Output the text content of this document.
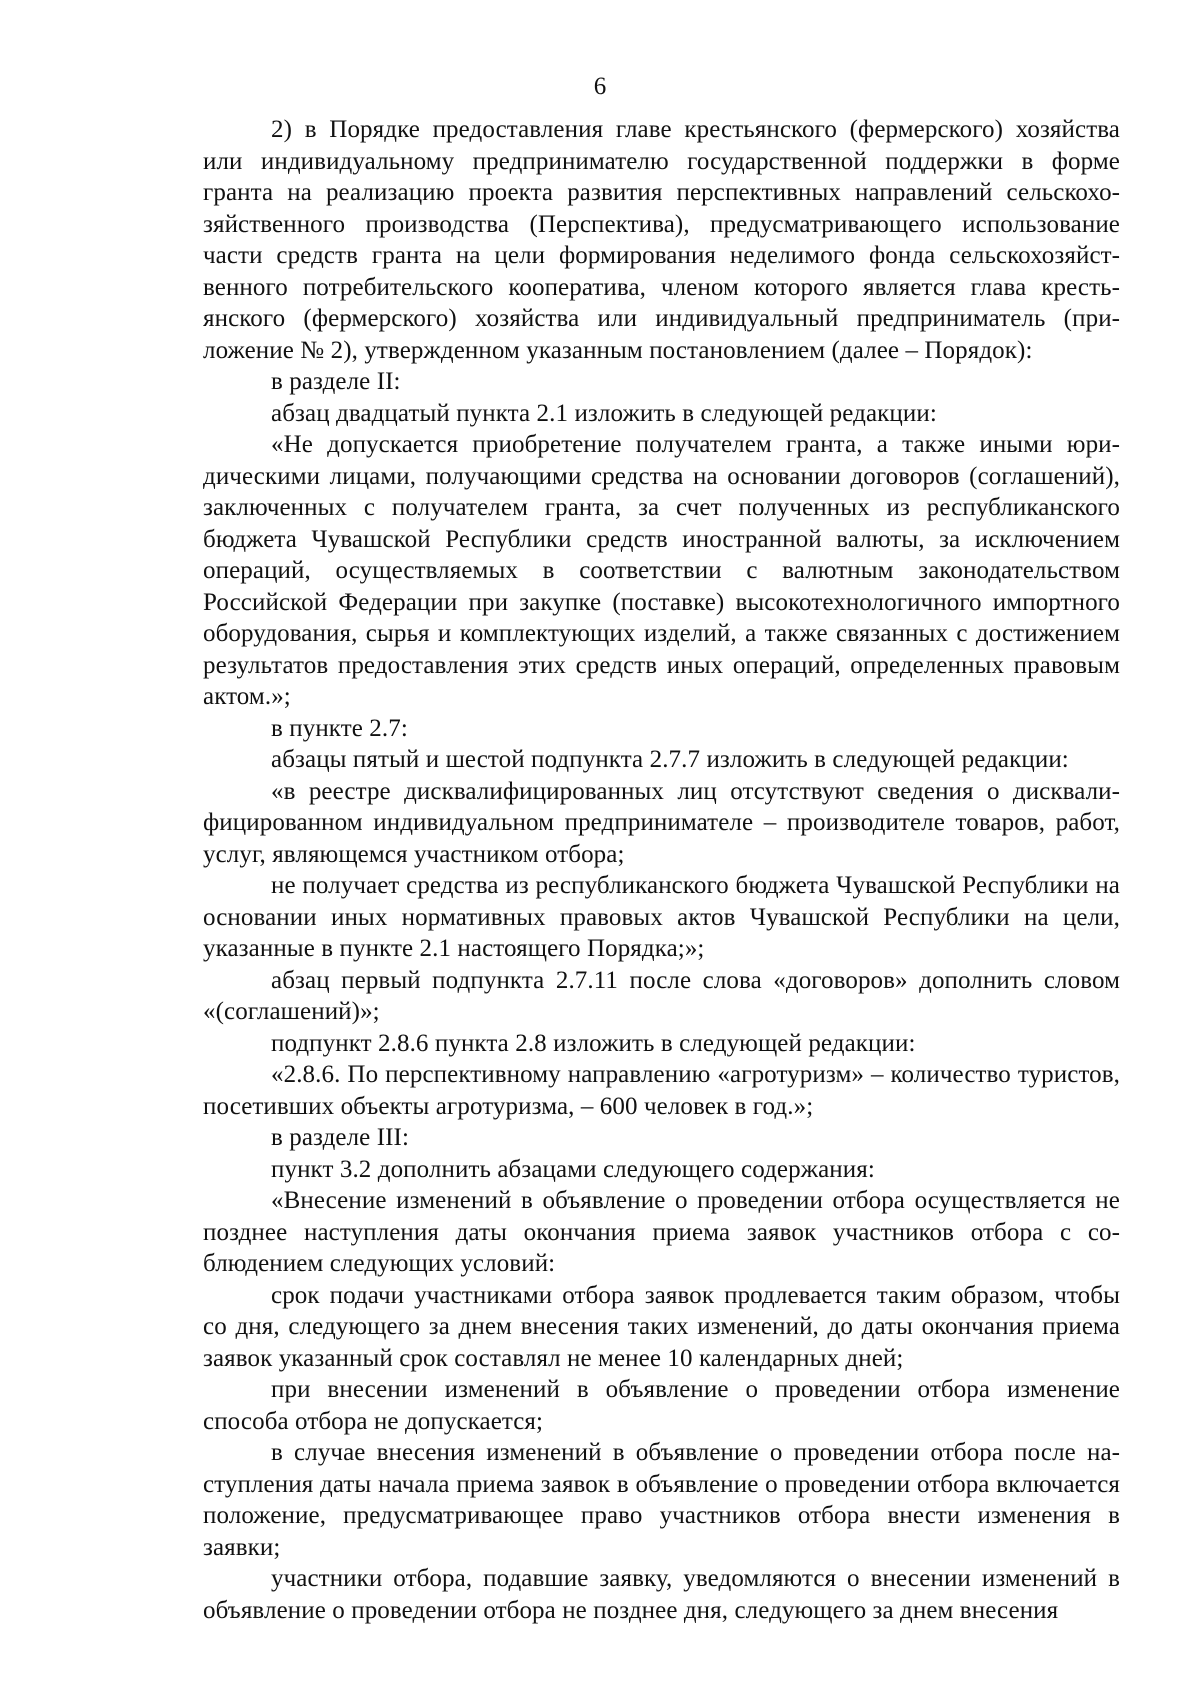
6

2) в Порядке предоставления главе крестьянского (фермерского) хозяйства или индивидуальному предпринимателю государственной поддержки в форме гранта на реализацию проекта развития перспективных направлений сельскохозяйственного производства (Перспектива), предусматривающего использование части средств гранта на цели формирования неделимого фонда сельскохозяйственного потребительского кооператива, членом которого является глава крестьянского (фермерского) хозяйства или индивидуальный предприниматель (приложение № 2), утвержденном указанным постановлением (далее – Порядок):

в разделе II:

абзац двадцатый пункта 2.1 изложить в следующей редакции:

«Не допускается приобретение получателем гранта, а также иными юридическими лицами, получающими средства на основании договоров (соглашений), заключенных с получателем гранта, за счет полученных из республиканского бюджета Чувашской Республики средств иностранной валюты, за исключением операций, осуществляемых в соответствии с валютным законодательством Российской Федерации при закупке (поставке) высокотехнологичного импортного оборудования, сырья и комплектующих изделий, а также связанных с достижением результатов предоставления этих средств иных операций, определенных правовым актом.»;

в пункте 2.7:

абзацы пятый и шестой подпункта 2.7.7 изложить в следующей редакции:

«в реестре дисквалифицированных лиц отсутствуют сведения о дисквалифицированном индивидуальном предпринимателе – производителе товаров, работ, услуг, являющемся участником отбора;

не получает средства из республиканского бюджета Чувашской Республики на основании иных нормативных правовых актов Чувашской Республики на цели, указанные в пункте 2.1 настоящего Порядка;»;

абзац первый подпункта 2.7.11 после слова «договоров» дополнить словом «(соглашений)»;

подпункт 2.8.6 пункта 2.8 изложить в следующей редакции:

«2.8.6. По перспективному направлению «агротуризм» – количество туристов, посетивших объекты агротуризма, – 600 человек в год.»;

в разделе III:

пункт 3.2 дополнить абзацами следующего содержания:

«Внесение изменений в объявление о проведении отбора осуществляется не позднее наступления даты окончания приема заявок участников отбора с соблюдением следующих условий:

срок подачи участниками отбора заявок продлевается таким образом, чтобы со дня, следующего за днем внесения таких изменений, до даты окончания приема заявок указанный срок составлял не менее 10 календарных дней;

при внесении изменений в объявление о проведении отбора изменение способа отбора не допускается;

в случае внесения изменений в объявление о проведении отбора после наступления даты начала приема заявок в объявление о проведении отбора включается положение, предусматривающее право участников отбора внести изменения в заявки;

участники отбора, подавшие заявку, уведомляются о внесении изменений в объявление о проведении отбора не позднее дня, следующего за днем внесения
